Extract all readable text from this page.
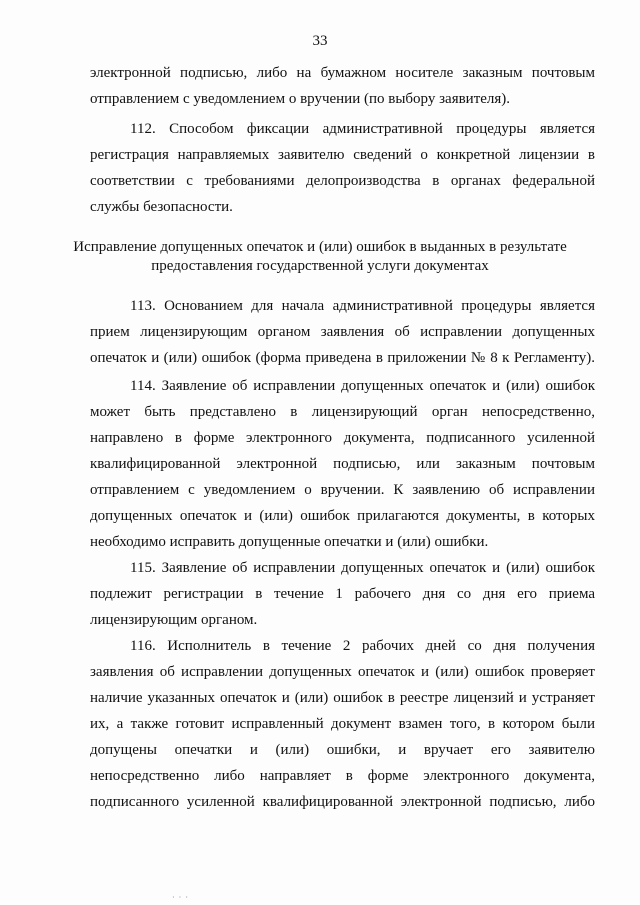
33
электронной подписью, либо на бумажном носителе заказным почтовым
отправлением с уведомлением о вручении (по выбору заявителя).
112. Способом фиксации административной процедуры является
регистрация направляемых заявителю сведений о конкретной лицензии в
соответствии с требованиями делопроизводства в органах федеральной
службы безопасности.
Исправление допущенных опечаток и (или) ошибок в выданных в результате
предоставления государственной услуги документах
113. Основанием для начала административной процедуры является
прием лицензирующим органом заявления об исправлении допущенных
опечаток и (или) ошибок (форма приведена в приложении № 8 к Регламенту).
114. Заявление об исправлении допущенных опечаток и (или) ошибок
может быть представлено в лицензирующий орган непосредственно,
направлено в форме электронного документа, подписанного усиленной
квалифицированной электронной подписью, или заказным почтовым
отправлением с уведомлением о вручении. К заявлению об исправлении
допущенных опечаток и (или) ошибок прилагаются документы, в которых
необходимо исправить допущенные опечатки и (или) ошибки.
115. Заявление об исправлении допущенных опечаток и (или) ошибок
подлежит регистрации в течение 1 рабочего дня со дня его приема
лицензирующим органом.
116. Исполнитель в течение 2 рабочих дней со дня получения
заявления об исправлении допущенных опечаток и (или) ошибок проверяет
наличие указанных опечаток и (или) ошибок в реестре лицензий и устраняет
их, а также готовит исправленный документ взамен того, в котором были
допущены опечатки и (или) ошибки, и вручает его заявителю
непосредственно либо направляет в форме электронного документа,
подписанного усиленной квалифицированной электронной подписью, либо
· · ·
